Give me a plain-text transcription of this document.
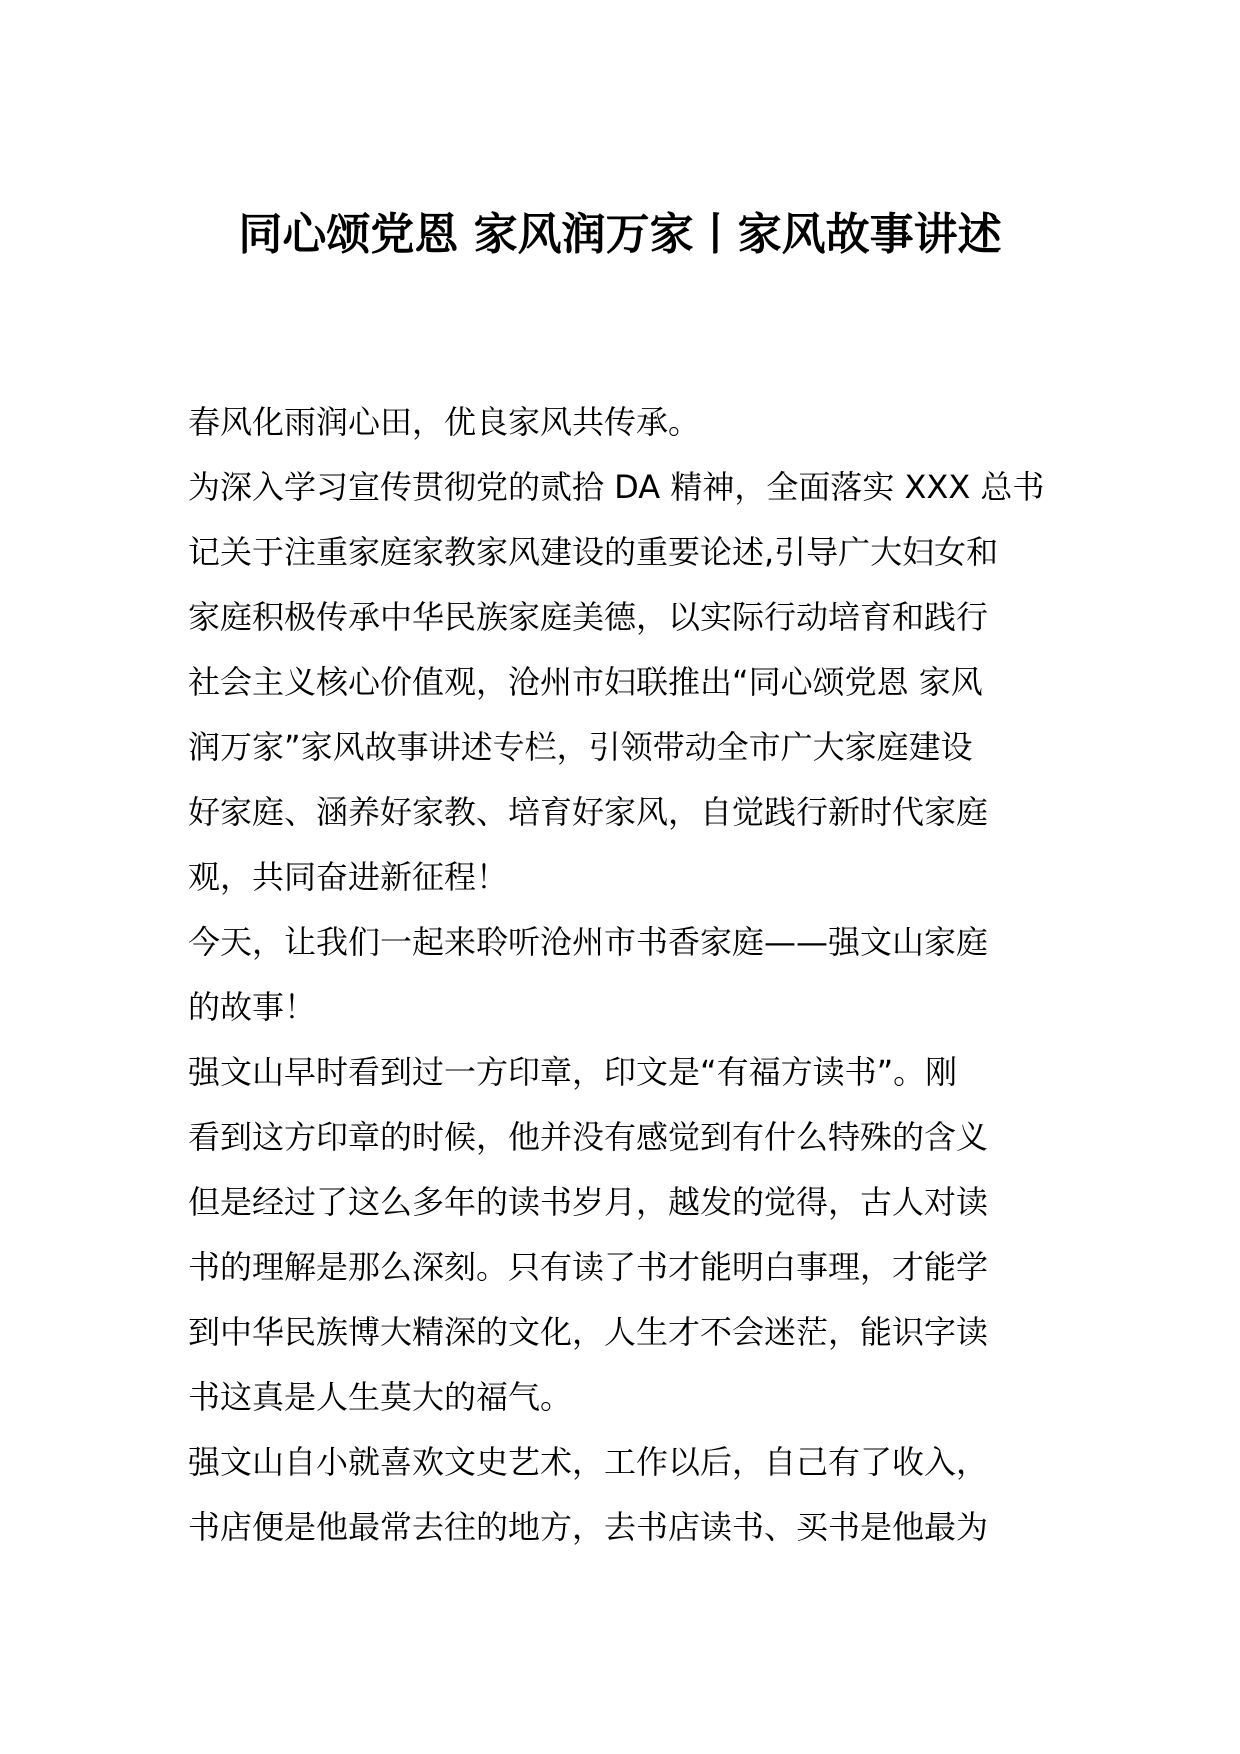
同心颂党恩 家风润万家丨家风故事讲述
春风化雨润心田，优良家风共传承。
为深入学习宣传贯彻党的贰拾 DA 精神，全面落实 XXX 总书
记关于注重家庭家教家风建设的重要论述,引导广大妇女和
家庭积极传承中华民族家庭美德，以实际行动培育和践行
社会主义核心价值观，沧州市妇联推出“同心颂党恩 家风
润万家”家风故事讲述专栏，引领带动全市广大家庭建设
好家庭、涵养好家教、培育好家风，自觉践行新时代家庭
观，共同奋进新征程！
今天，让我们一起来聆听沧州市书香家庭——强文山家庭
的故事！
强文山早时看到过一方印章，印文是“有福方读书”。刚
看到这方印章的时候，他并没有感觉到有什么特殊的含义
但是经过了这么多年的读书岁月，越发的觉得，古人对读
书的理解是那么深刻。只有读了书才能明白事理，才能学
到中华民族博大精深的文化，人生才不会迷茫，能识字读
书这真是人生莫大的福气。
强文山自小就喜欢文史艺术，工作以后，自己有了收入，
书店便是他最常去往的地方，去书店读书、买书是他最为
